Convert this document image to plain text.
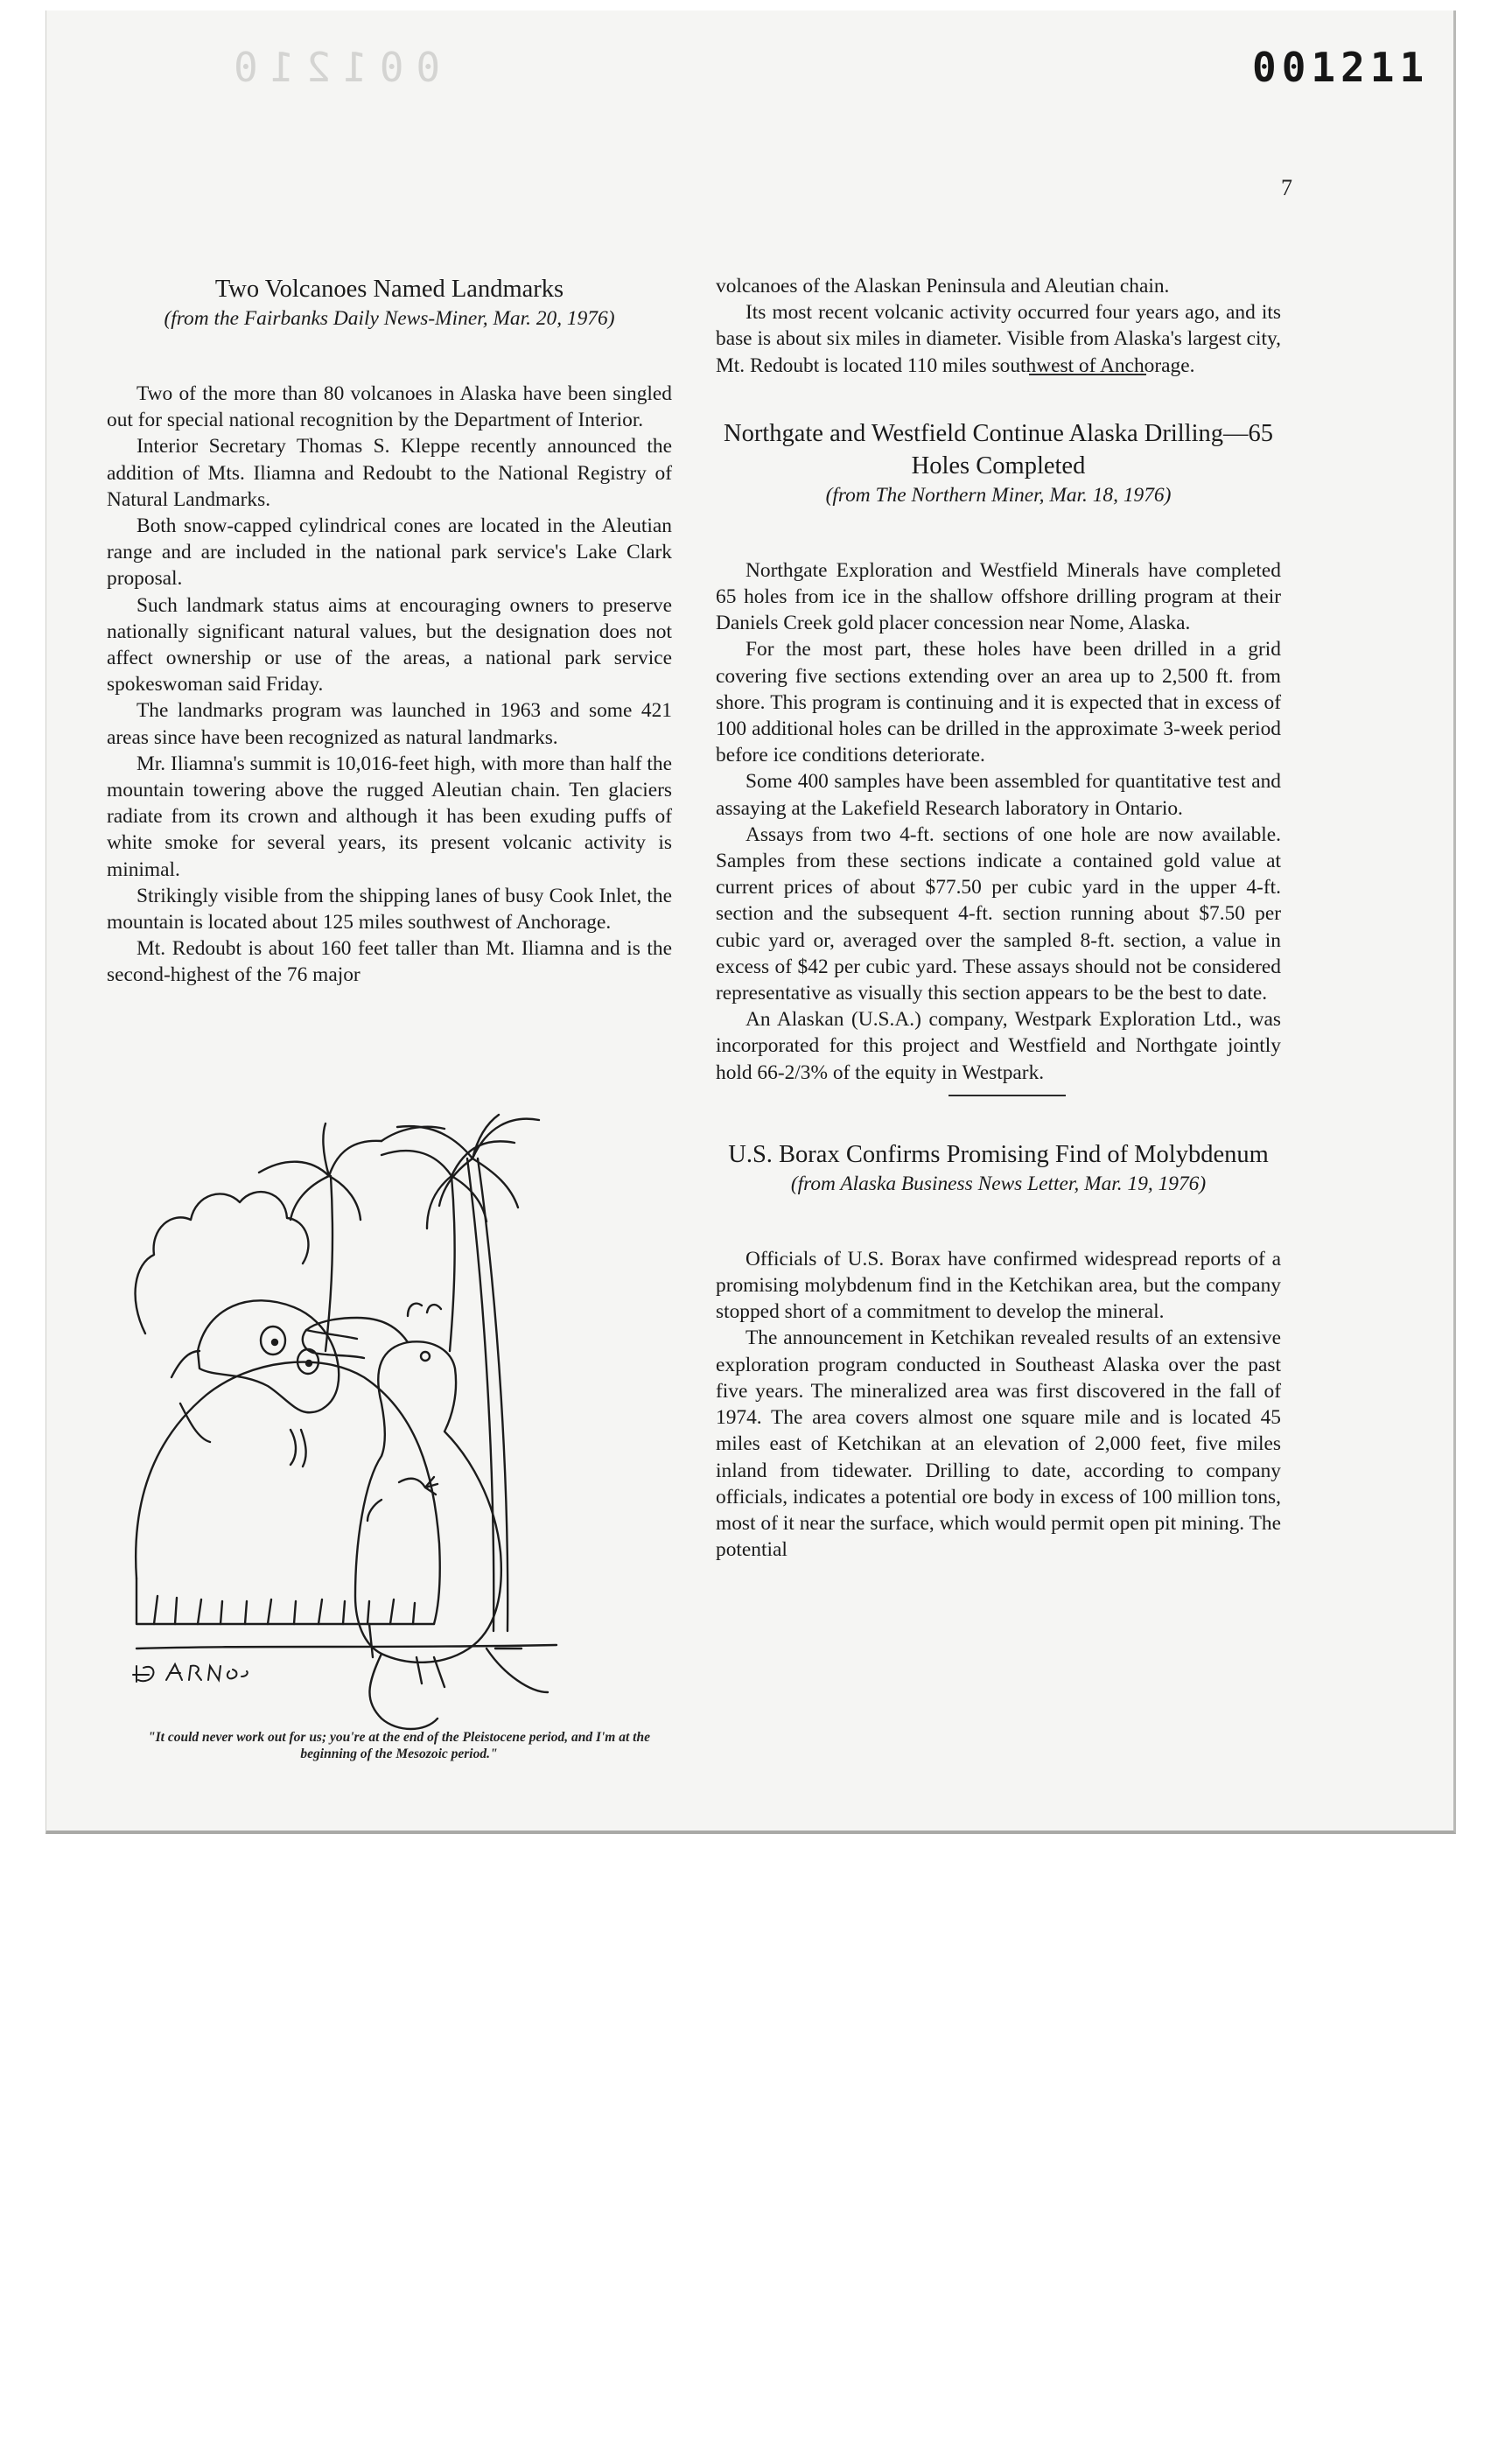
001210	001211
7
Two Volcanoes Named Landmarks
(from the Fairbanks Daily News-Miner, Mar. 20, 1976)

Two of the more than 80 volcanoes in Alaska have been singled out for special national recognition by the Department of Interior.

Interior Secretary Thomas S. Kleppe recently announced the addition of Mts. Iliamna and Redoubt to the National Registry of Natural Landmarks.

Both snow-capped cylindrical cones are located in the Aleutian range and are included in the national park service's Lake Clark proposal.

Such landmark status aims at encouraging owners to preserve nationally significant natural values, but the designation does not affect ownership or use of the areas, a national park service spokeswoman said Friday.

The landmarks program was launched in 1963 and some 421 areas since have been recognized as natural landmarks.

Mr. Iliamna's summit is 10,016-feet high, with more than half the mountain towering above the rugged Aleutian chain. Ten glaciers radiate from its crown and although it has been exuding puffs of white smoke for several years, its present volcanic activity is minimal.

Strikingly visible from the shipping lanes of busy Cook Inlet, the mountain is located about 125 miles southwest of Anchorage.

Mt. Redoubt is about 160 feet taller than Mt. Iliamna and is the second-highest of the 76 major

"It could never work out for us; you're at the end of the Pleistocene period, and I'm at the beginning of the Mesozoic period."

volcanoes of the Alaskan Peninsula and Aleutian chain.

Its most recent volcanic activity occurred four years ago, and its base is about six miles in diameter. Visible from Alaska's largest city, Mt. Redoubt is located 110 miles southwest of Anchorage.

Northgate and Westfield Continue Alaska Drilling—65 Holes Completed
(from The Northern Miner, Mar. 18, 1976)

Northgate Exploration and Westfield Minerals have completed 65 holes from ice in the shallow offshore drilling program at their Daniels Creek gold placer concession near Nome, Alaska.

For the most part, these holes have been drilled in a grid covering five sections extending over an area up to 2,500 ft. from shore. This program is continuing and it is expected that in excess of 100 additional holes can be drilled in the approximate 3-week period before ice conditions deteriorate.

Some 400 samples have been assembled for quantitative test and assaying at the Lakefield Research laboratory in Ontario.

Assays from two 4-ft. sections of one hole are now available. Samples from these sections indicate a contained gold value at current prices of about $77.50 per cubic yard in the upper 4-ft. section and the subsequent 4-ft. section running about $7.50 per cubic yard or, averaged over the sampled 8-ft. section, a value in excess of $42 per cubic yard. These assays should not be considered representative as visually this section appears to be the best to date.

An Alaskan (U.S.A.) company, Westpark Exploration Ltd., was incorporated for this project and Westfield and Northgate jointly hold 66-2/3% of the equity in Westpark.

U.S. Borax Confirms Promising Find of Molybdenum
(from Alaska Business News Letter, Mar. 19, 1976)

Officials of U.S. Borax have confirmed widespread reports of a promising molybdenum find in the Ketchikan area, but the company stopped short of a commitment to develop the mineral.

The announcement in Ketchikan revealed results of an extensive exploration program conducted in Southeast Alaska over the past five years. The mineralized area was first discovered in the fall of 1974. The area covers almost one square mile and is located 45 miles east of Ketchikan at an elevation of 2,000 feet, five miles inland from tidewater. Drilling to date, according to company officials, indicates a potential ore body in excess of 100 million tons, most of it near the surface, which would permit open pit mining. The potential
